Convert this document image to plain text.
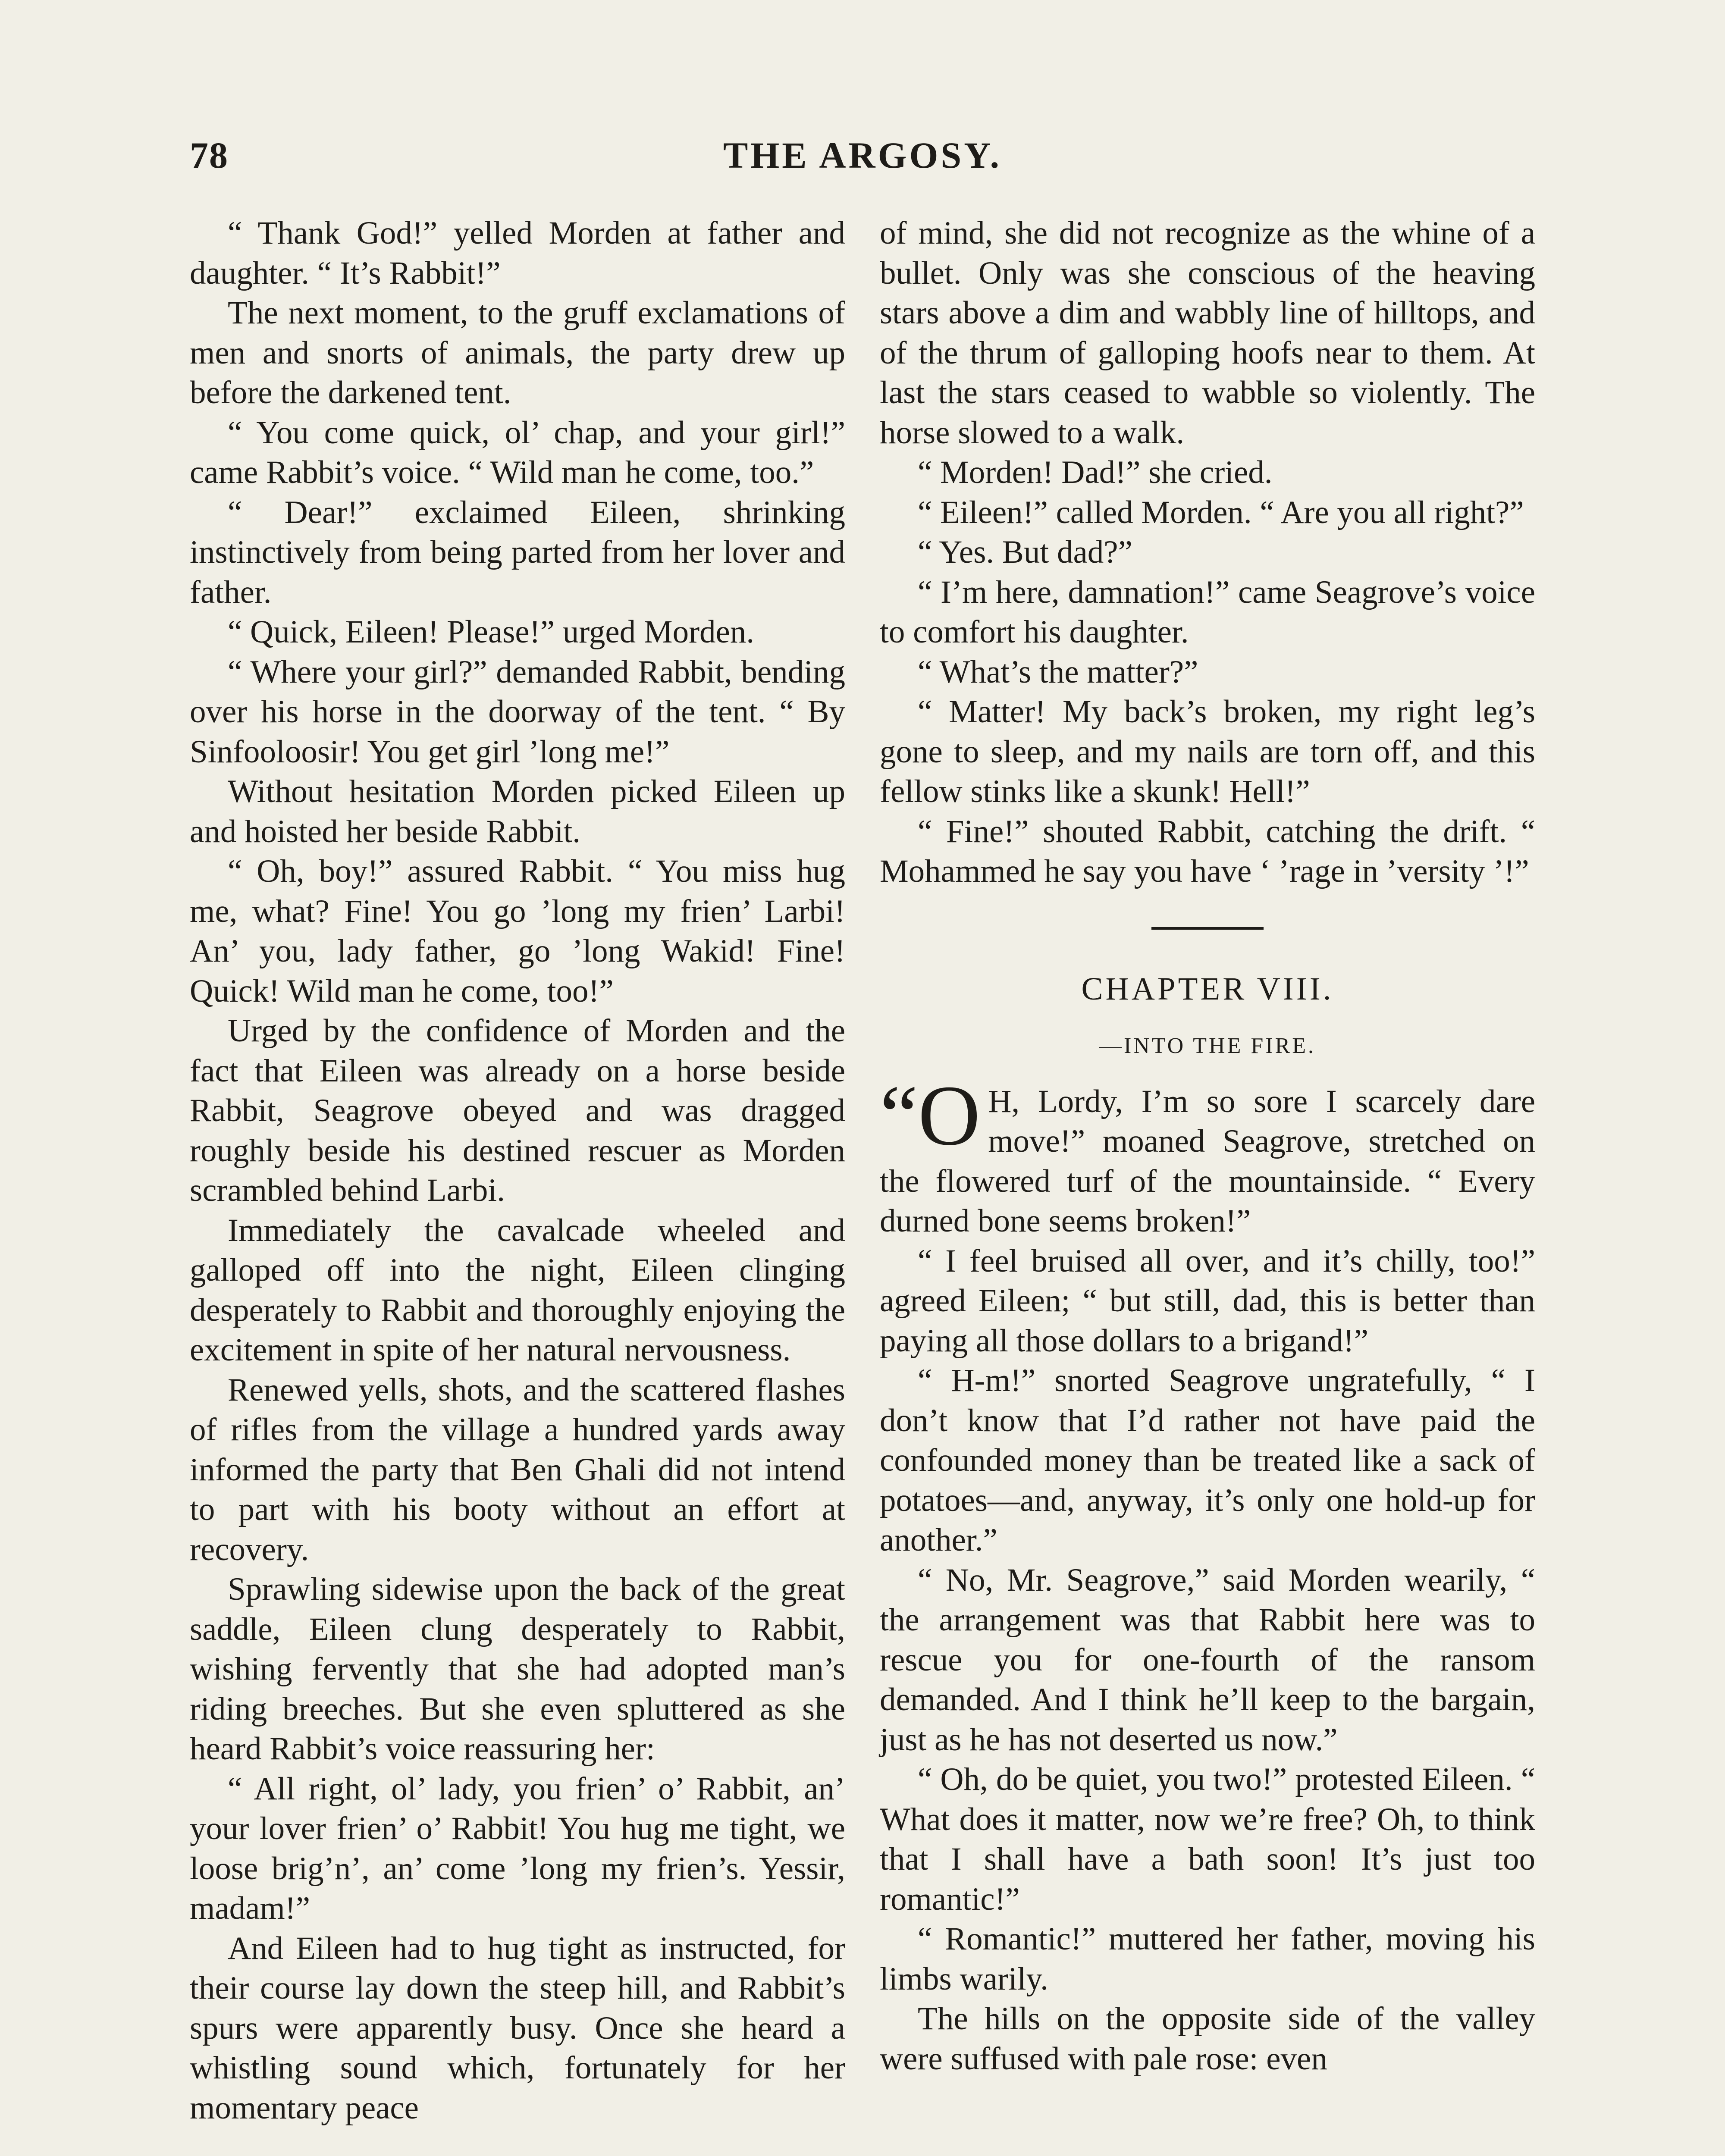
78	THE ARGOSY.

“ Thank God!” yelled Morden at father and daughter. “ It’s Rabbit!”

The next moment, to the gruff exclamations of men and snorts of animals, the party drew up before the darkened tent.

“ You come quick, ol’ chap, and your girl!” came Rabbit’s voice. “ Wild man he come, too.”

“ Dear!” exclaimed Eileen, shrinking instinctively from being parted from her lover and father.

“ Quick, Eileen! Please!” urged Morden.

“ Where your girl?” demanded Rabbit, bending over his horse in the doorway of the tent. “ By Sinfooloosir! You get girl ’long me!”

Without hesitation Morden picked Eileen up and hoisted her beside Rabbit.

“ Oh, boy!” assured Rabbit. “ You miss hug me, what? Fine! You go ’long my frien’ Larbi! An’ you, lady father, go ’long Wakid! Fine! Quick! Wild man he come, too!”

Urged by the confidence of Morden and the fact that Eileen was already on a horse beside Rabbit, Seagrove obeyed and was dragged roughly beside his destined rescuer as Morden scrambled behind Larbi.

Immediately the cavalcade wheeled and galloped off into the night, Eileen clinging desperately to Rabbit and thoroughly enjoying the excitement in spite of her natural nervousness.

Renewed yells, shots, and the scattered flashes of rifles from the village a hundred yards away informed the party that Ben Ghali did not intend to part with his booty without an effort at recovery.

Sprawling sidewise upon the back of the great saddle, Eileen clung desperately to Rabbit, wishing fervently that she had adopted man’s riding breeches. But she even spluttered as she heard Rabbit’s voice reassuring her:

“ All right, ol’ lady, you frien’ o’ Rabbit, an’ your lover frien’ o’ Rabbit! You hug me tight, we loose brig’n’, an’ come ’long my frien’s. Yessir, madam!”

And Eileen had to hug tight as instructed, for their course lay down the steep hill, and Rabbit’s spurs were apparently busy. Once she heard a whistling sound which, fortunately for her momentary peace

of mind, she did not recognize as the whine of a bullet. Only was she conscious of the heaving stars above a dim and wabbly line of hilltops, and of the thrum of galloping hoofs near to them. At last the stars ceased to wabble so violently. The horse slowed to a walk.

“ Morden! Dad!” she cried.

“ Eileen!” called Morden. “ Are you all right?”

“ Yes. But dad?”

“ I’m here, damnation!” came Seagrove’s voice to comfort his daughter.

“ What’s the matter?”

“ Matter! My back’s broken, my right leg’s gone to sleep, and my nails are torn off, and this fellow stinks like a skunk! Hell!”

“ Fine!” shouted Rabbit, catching the drift. “ Mohammed he say you have ‘ ’rage in ’versity ’!”

CHAPTER VIII.
—INTO THE FIRE.

“O H, Lordy, I’m so sore I scarcely dare move!” moaned Seagrove, stretched on the flowered turf of the mountainside. “ Every durned bone seems broken!”

“ I feel bruised all over, and it’s chilly, too!” agreed Eileen; “ but still, dad, this is better than paying all those dollars to a brigand!”

“ H-m!” snorted Seagrove ungratefully, “ I don’t know that I’d rather not have paid the confounded money than be treated like a sack of potatoes—and, anyway, it’s only one hold-up for another.”

“ No, Mr. Seagrove,” said Morden wearily, “ the arrangement was that Rabbit here was to rescue you for one-fourth of the ransom demanded. And I think he’ll keep to the bargain, just as he has not deserted us now.”

“ Oh, do be quiet, you two!” protested Eileen. “ What does it matter, now we’re free? Oh, to think that I shall have a bath soon! It’s just too romantic!”

“ Romantic!” muttered her father, moving his limbs warily.

The hills on the opposite side of the valley were suffused with pale rose: even
